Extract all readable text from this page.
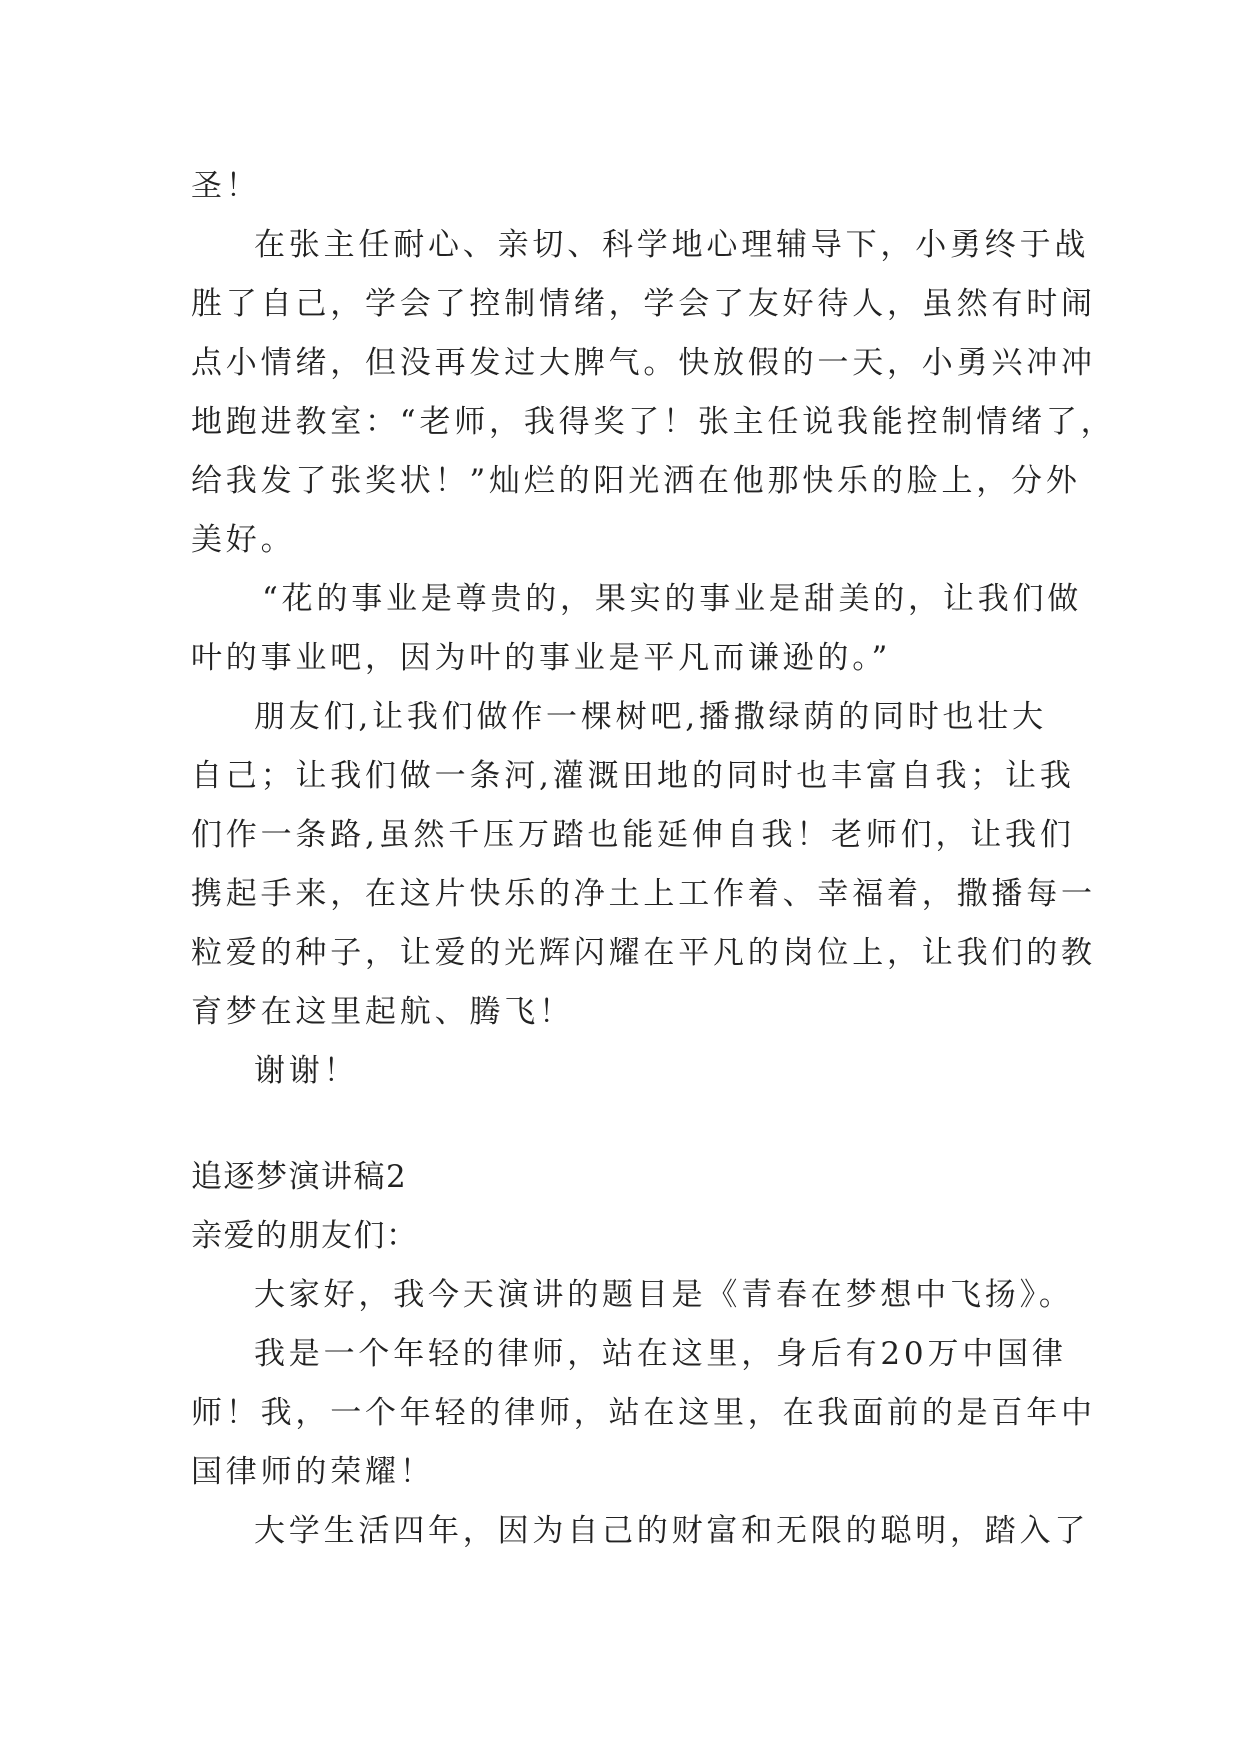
圣！
在张主任耐心、亲切、科学地心理辅导下，小勇终于战
胜了自己，学会了控制情绪，学会了友好待人，虽然有时闹
点小情绪，但没再发过大脾气。快放假的一天，小勇兴冲冲
地跑进教室：“老师，我得奖了！张主任说我能控制情绪了，
给我发了张奖状！”灿烂的阳光洒在他那快乐的脸上，分外
美好。
“花的事业是尊贵的，果实的事业是甜美的，让我们做
叶的事业吧，因为叶的事业是平凡而谦逊的。”
朋友们,让我们做作一棵树吧,播撒绿荫的同时也壮大
自己；让我们做一条河,灌溉田地的同时也丰富自我；让我
们作一条路,虽然千压万踏也能延伸自我！老师们，让我们
携起手来，在这片快乐的净土上工作着、幸福着，撒播每一
粒爱的种子，让爱的光辉闪耀在平凡的岗位上，让我们的教
育梦在这里起航、腾飞！
谢谢！
追逐梦演讲稿2
亲爱的朋友们：
大家好，我今天演讲的题目是《青春在梦想中飞扬》。
我是一个年轻的律师，站在这里，身后有20万中国律
师！我，一个年轻的律师，站在这里，在我面前的是百年中
国律师的荣耀！
大学生活四年，因为自己的财富和无限的聪明，踏入了
